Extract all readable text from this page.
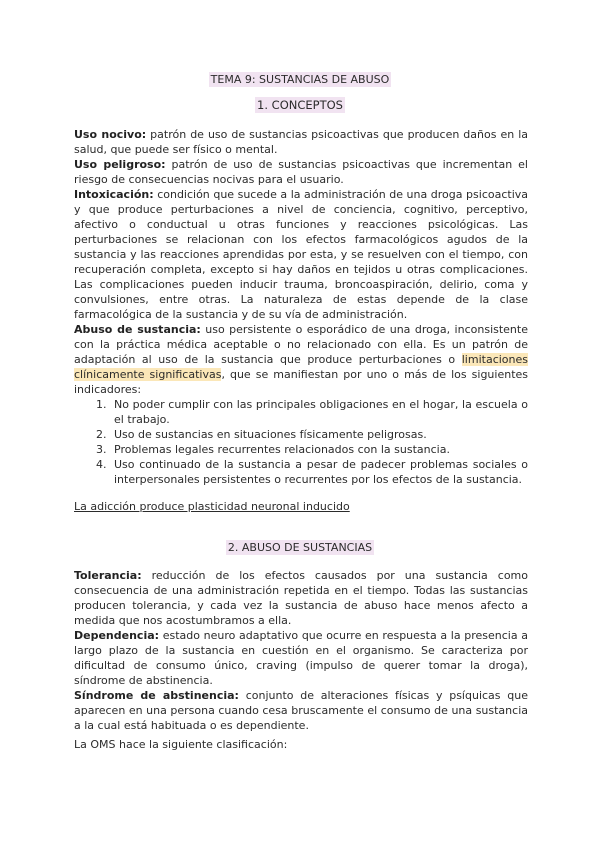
TEMA 9: SUSTANCIAS DE ABUSO
1. CONCEPTOS

Uso nocivo: patrón de uso de sustancias psicoactivas que producen daños en la salud, que puede ser físico o mental.

Uso peligroso: patrón de uso de sustancias psicoactivas que incrementan el riesgo de consecuencias nocivas para el usuario.

Intoxicación: condición que sucede a la administración de una droga psicoactiva y que produce perturbaciones a nivel de conciencia, cognitivo, perceptivo, afectivo o conductual u otras funciones y reacciones psicológicas. Las perturbaciones se relacionan con los efectos farmacológicos agudos de la sustancia y las reacciones aprendidas por esta, y se resuelven con el tiempo, con recuperación completa, excepto si hay daños en tejidos u otras complicaciones. Las complicaciones pueden inducir trauma, broncoaspiración, delirio, coma y convulsiones, entre otras. La naturaleza de estas depende de la clase farmacológica de la sustancia y de su vía de administración.

Abuso de sustancia: uso persistente o esporádico de una droga, inconsistente con la práctica médica aceptable o no relacionado con ella. Es un patrón de adaptación al uso de la sustancia que produce perturbaciones o limitaciones clínicamente significativas, que se manifiestan por uno o más de los siguientes indicadores:

1. No poder cumplir con las principales obligaciones en el hogar, la escuela o el trabajo.
2. Uso de sustancias en situaciones físicamente peligrosas.
3. Problemas legales recurrentes relacionados con la sustancia.
4. Uso continuado de la sustancia a pesar de padecer problemas sociales o interpersonales persistentes o recurrentes por los efectos de la sustancia.

La adicción produce plasticidad neuronal inducido

2. ABUSO DE SUSTANCIAS

Tolerancia: reducción de los efectos causados por una sustancia como consecuencia de una administración repetida en el tiempo. Todas las sustancias producen tolerancia, y cada vez la sustancia de abuso hace menos afecto a medida que nos acostumbramos a ella.

Dependencia: estado neuro adaptativo que ocurre en respuesta a la presencia a largo plazo de la sustancia en cuestión en el organismo. Se caracteriza por dificultad de consumo único, craving (impulso de querer tomar la droga), síndrome de abstinencia.

Síndrome de abstinencia: conjunto de alteraciones físicas y psíquicas que aparecen en una persona cuando cesa bruscamente el consumo de una sustancia a la cual está habituada o es dependiente.

La OMS hace la siguiente clasificación:
